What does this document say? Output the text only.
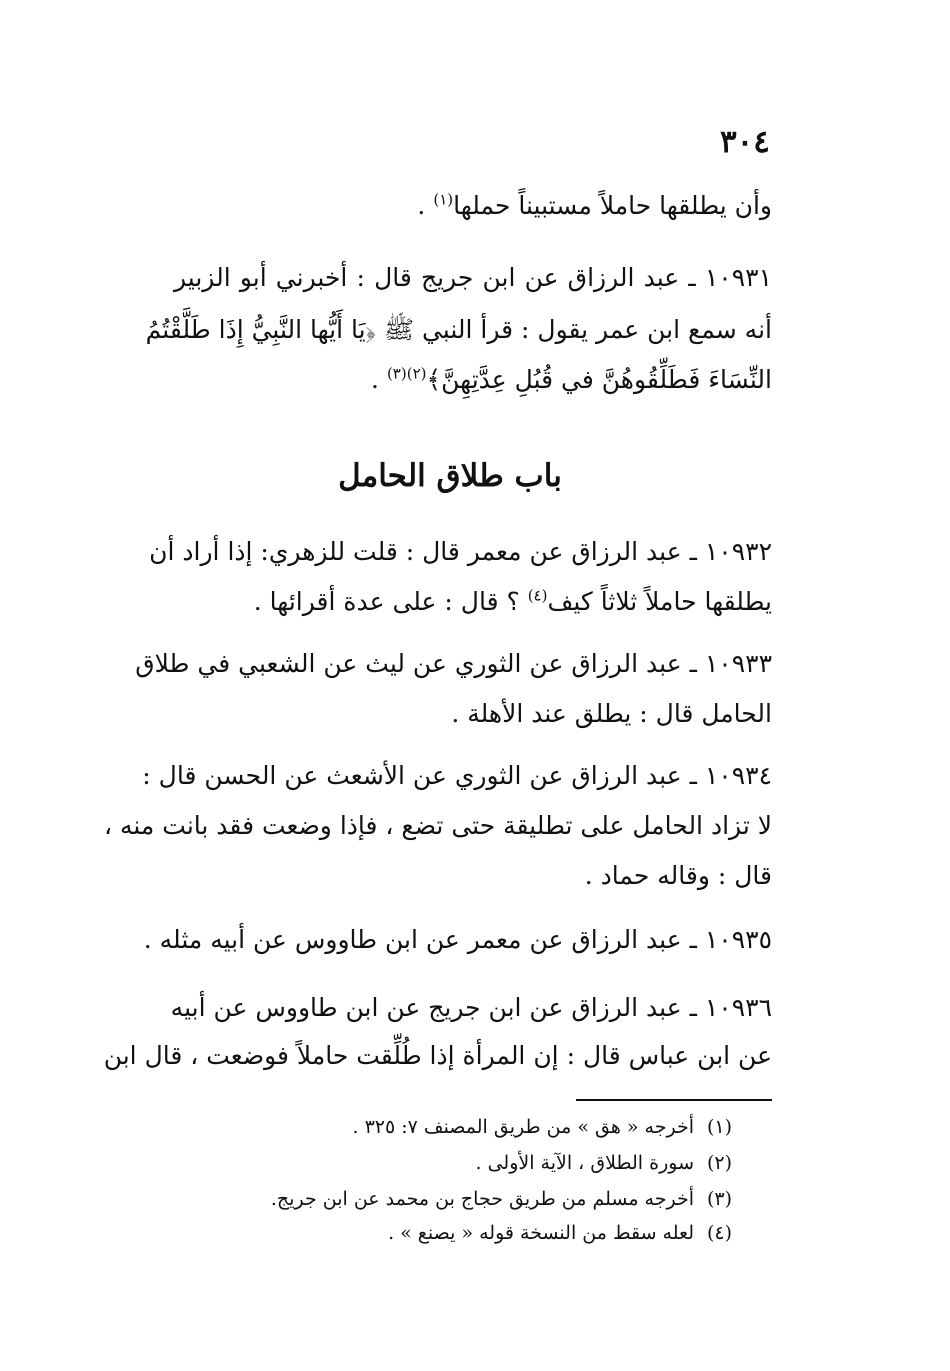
٣٠٤
وأن يطلقها حاملاً مستبيناً حملها$^{(١)}$ .
١٠٩٣١ ـ عبد الرزاق عن ابن جريج قال : أخبرني أبو الزبير
أنه سمع ابن عمر يقول : قرأ النبي ﷺ ﴿يَا أَيُّها النَّبِيُّ إِذَا طَلَّقْتُمُ
النِّسَاءَ فَطَلِّقُوهُنَّ في قُبُلِ عِدَّتِهِنَّ﴾$^{(٢)(٣)}$ .
باب طلاق الحامل
١٠٩٣٢ ـ عبد الرزاق عن معمر قال : قلت للزهري: إذا أراد أن
يطلقها حاملاً ثلاثاً كيف$^{(٤)}$ ؟ قال : على عدة أقرائها .
١٠٩٣٣ ـ عبد الرزاق عن الثوري عن ليث عن الشعبي في طلاق
الحامل قال : يطلق عند الأهلة .
١٠٩٣٤ ـ عبد الرزاق عن الثوري عن الأشعث عن الحسن قال :
لا تزاد الحامل على تطليقة حتى تضع ، فإذا وضعت فقد بانت منه ،
قال : وقاله حماد .
١٠٩٣٥ ـ عبد الرزاق عن معمر عن ابن طاووس عن أبيه مثله .
١٠٩٣٦ ـ عبد الرزاق عن ابن جريج عن ابن طاووس عن أبيه
عن ابن عباس قال : إن المرأة إذا طُلِّقت حاملاً فوضعت ، قال ابن
(١)أخرجه « هق » من طريق المصنف ٧: ٣٢٥ .
(٢)سورة الطلاق ، الآية الأولى .
(٣)أخرجه مسلم من طريق حجاج بن محمد عن ابن جريج.
(٤)لعله سقط من النسخة قوله « يصنع » .
